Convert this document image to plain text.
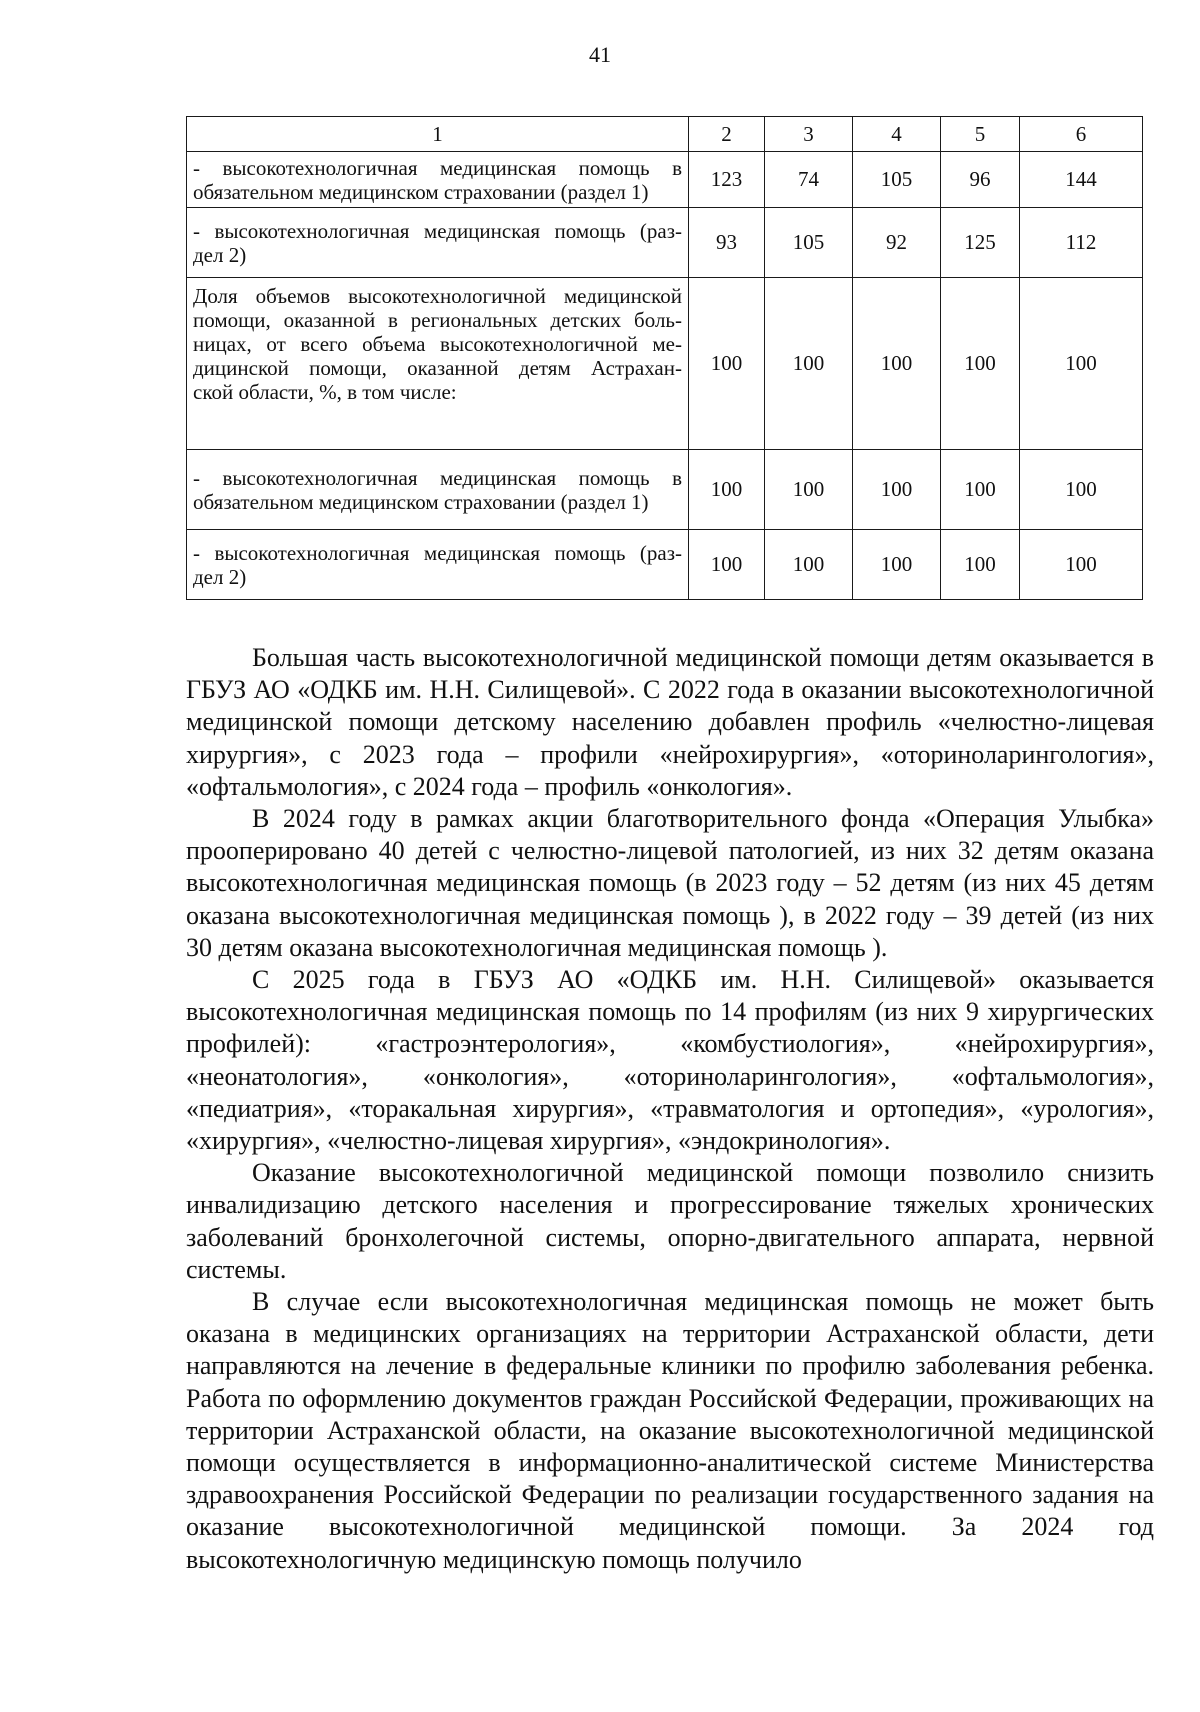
41
1	2	3	4	5	6

- высокотехнологичная медицинская помощь в
обязательном медицинском страховании (раздел 1)	123	74	105	96	144

- высокотехнологичная медицинская помощь (раз-
дел 2)	93	105	92	125	112

Доля объемов высокотехнологичной медицинской
помощи, оказанной в региональных детских боль-
ницах, от всего объема высокотехнологичной ме-
дицинской помощи, оказанной детям Астрахан-
ской области, %, в том числе:	100	100	100	100	100

- высокотехнологичная медицинская помощь в
обязательном медицинском страховании (раздел 1)	100	100	100	100	100

- высокотехнологичная медицинская помощь (раз-
дел 2)	100	100	100	100	100

Большая часть высокотехнологичной медицинской помощи детям оказывается в ГБУЗ АО «ОДКБ им. Н.Н. Силищевой». С 2022 года в оказании высокотехнологичной медицинской помощи детскому населению добавлен профиль «челюстно-лицевая хирургия», с 2023 года – профили «нейрохирургия», «оториноларингология», «офтальмология», с 2024 года – профиль «онкология».

В 2024 году в рамках акции благотворительного фонда «Операция Улыбка» прооперировано 40 детей с челюстно-лицевой патологией, из них 32 детям оказана высокотехнологичная медицинская помощь (в 2023 году – 52 детям (из них 45 детям оказана высокотехнологичная медицинская помощь ), в 2022 году – 39 детей (из них 30 детям оказана высокотехнологичная медицинская помощь ).

С 2025 года в ГБУЗ АО «ОДКБ им. Н.Н. Силищевой» оказывается высокотехнологичная медицинская помощь по 14 профилям (из них 9 хирургических профилей): «гастроэнтерология», «комбустиология», «нейрохирургия», «неонатология», «онкология», «оториноларингология», «офтальмология», «педиатрия», «торакальная хирургия», «травматология и ортопедия», «урология», «хирургия», «челюстно-лицевая хирургия», «эндокринология».

Оказание высокотехнологичной медицинской помощи позволило снизить инвалидизацию детского населения и прогрессирование тяжелых хронических заболеваний бронхолегочной системы, опорно-двигательного аппарата, нервной системы.

В случае если высокотехнологичная медицинская помощь не может быть оказана в медицинских организациях на территории Астраханской области, дети направляются на лечение в федеральные клиники по профилю заболевания ребенка. Работа по оформлению документов граждан Российской Федерации, проживающих на территории Астраханской области, на оказание высокотехнологичной медицинской помощи осуществляется в информационно-аналитической системе Министерства здравоохранения Российской Федерации по реализации государственного задания на оказание высокотехнологичной медицинской помощи. За 2024 год высокотехнологичную медицинскую помощь получило
